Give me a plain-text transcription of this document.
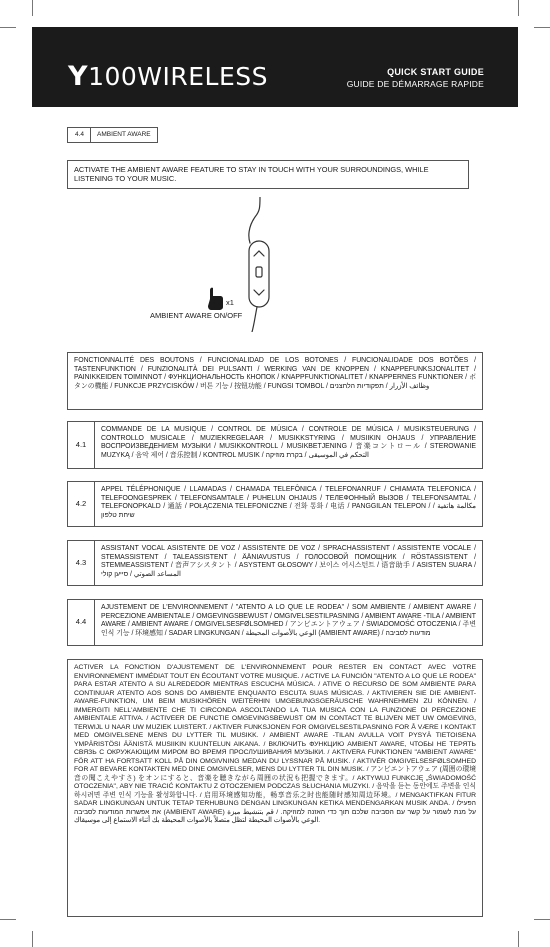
Y100WIRELESS	QUICK START GUIDE
GUIDE DE DÉMARRAGE RAPIDE
4.4	AMBIENT AWARE
ACTIVATE THE AMBIENT AWARE FEATURE TO STAY IN TOUCH WITH YOUR SURROUNDINGS, WHILE LISTENING TO YOUR MUSIC.
x1
AMBIENT AWARE ON/OFF
FONCTIONNALITÉ DES BOUTONS / FUNCIONALIDAD DE LOS BOTONES / FUNCIONALIDADE DOS BOTÕES / TASTENFUNKTION / FUNZIONALITÀ DEI PULSANTI / WERKING VAN DE KNOPPEN / KNAPPEFUNKSJONALITET / PAINIKKEIDEN TOIMINNOT / ФУНКЦИОНАЛЬНОСТЬ КНОПОК / KNAPPFUNKTIONALITET / KNAPPERNES FUNKTIONER / ボタンの機能 / FUNKCJE PRZYCISKÓW / 버튼 기능 / 按钮功能 / FUNGSI TOMBOL / وظائف الأزرار / תפקודיות הלחצנים
4.1
COMMANDE DE LA MUSIQUE / CONTROL DE MÚSICA / CONTROLE DE MÚSICA / MUSIKSTEUERUNG / CONTROLLO MUSICALE / MUZIEKREGELAAR / MUSIKKSTYRING / MUSIIKIN OHJAUS / УПРАВЛЕНИЕ ВОСПРОИЗВЕДЕНИЕМ МУЗЫКИ / MUSIKKONTROLL / MUSIKBETJENING / 音楽コントロール / STEROWANIE MUZYKĄ / 음악 제어 / 音乐控制 / KONTROL MUSIK / التحكم في الموسيقى / בקרת מוזיקה
4.2
APPEL TÉLÉPHONIQUE / LLAMADAS / CHAMADA TELEFÔNICA / TELEFONANRUF / CHIAMATA TELEFONICA / TELEFOONGESPREK / TELEFONSAMTALE / PUHELUN OHJAUS / ТЕЛЕФОННЫЙ ВЫЗОВ / TELEFONSAMTAL / TELEFONOPKALD / 通話 / POŁĄCZENIA TELEFONICZNE / 전화 통화 / 电话 / PANGGILAN TELEPON / مكالمة هاتفية / שיחת טלפון
4.3
ASSISTANT VOCAL ASISTENTE DE VOZ / ASSISTENTE DE VOZ / SPRACHASSISTENT / ASSISTENTE VOCALE / STEMASSISTENT / TALEASSISTENT / ÄÄNIAVUSTUS / ГОЛОСОВОЙ ПОМОЩНИК / RÖSTASSISTENT / STEMMEASSISTENT / 音声アシスタント / ASYSTENT GŁOSOWY / 보이스 어시스턴트 / 语音助手 / ASISTEN SUARA / المساعد الصوتي / סייען קולי
4.4
AJUSTEMENT DE L'ENVIRONNEMENT / "ATENTO A LO QUE LE RODEA" / SOM AMBIENTE / AMBIENT AWARE / PERCEZIONE AMBIENTALE / OMGEVINGSBEWUST / OMGIVELSESTILPASNING / AMBIENT AWARE -TILA / AMBIENT AWARE / AMBIENT AWARE / OMGIVELSESFØLSOMHED / アンビエントアウェア / ŚWIADOMOŚĆ OTOCZENIA / 주변 인식 기능 / 环境感知 / SADAR LINGKUNGAN / الوعي بالأصوات المحيطة (AMBIENT AWARE) / מודעות לסביבה
ACTIVER LA FONCTION D'AJUSTEMENT DE L'ENVIRONNEMENT POUR RESTER EN CONTACT AVEC VOTRE ENVIRONNEMENT IMMÉDIAT TOUT EN ÉCOUTANT VOTRE MUSIQUE. / ACTIVE LA FUNCIÓN "ATENTO A LO QUE LE RODEA" PARA ESTAR ATENTO A SU ALREDEDOR MIENTRAS ESCUCHA MÚSICA. / ATIVE O RECURSO DE SOM AMBIENTE PARA CONTINUAR ATENTO AOS SONS DO AMBIENTE ENQUANTO ESCUTA SUAS MÚSICAS. / AKTIVIEREN SIE DIE AMBIENT-AWARE-FUNKTION, UM BEIM MUSIKHÖREN WEITERHIN UMGEBUNGSGERÄUSCHE WAHRNEHMEN ZU KÖNNEN. / IMMERGITI NELL'AMBIENTE CHE TI CIRCONDA ASCOLTANDO LA TUA MUSICA CON LA FUNZIONE DI PERCEZIONE AMBIENTALE ATTIVA. / ACTIVEER DE FUNCTIE OMGEVINGSBEWUST OM IN CONTACT TE BLIJVEN MET UW OMGEVING, TERWIJL U NAAR UW MUZIEK LUISTERT. / AKTIVER FUNKSJONEN FOR OMGIVELSESTILPASNING FOR Å VÆRE I KONTAKT MED OMGIVELSENE MENS DU LYTTER TIL MUSIKK. / AMBIENT AWARE -TILAN AVULLA VOIT PYSYÄ TIETOISENA YMPÄRISTÖSI ÄÄNISTÄ MUSIIKIN KUUNTELUN AIKANA. / ВКЛЮЧИТЬ ФУНКЦИЮ AMBIENT AWARE, ЧТОБЫ НЕ ТЕРЯТЬ СВЯЗЬ С ОКРУЖАЮЩИМ МИРОМ ВО ВРЕМЯ ПРОСЛУШИВАНИЯ МУЗЫКИ. / AKTIVERA FUNKTIONEN "AMBIENT AWARE" FÖR ATT HA FORTSATT KOLL PÅ DIN OMGIVNING MEDAN DU LYSSNAR PÅ MUSIK. / AKTIVÉR OMGIVELSESFØLSOMHED FOR AT BEVARE KONTAKTEN MED DINE OMGIVELSER, MENS DU LYTTER TIL DIN MUSIK. / アンビエントアウェア (周囲の環境音の聞こえやすさ) をオンにすると、音楽を聴きながら周囲の状況も把握できます。/ AKTYWUJ FUNKCJĘ „ŚWIADOMOŚĆ OTOCZENIA", ABY NIE TRACIĆ KONTAKTU Z OTOCZENIEM PODCZAS SŁUCHANIA MUZYKI. / 음악을 듣는 동안에도 주변을 인식하시려면 주변 인식 기능을 활성화합니다. / 启用环境感知功能，畅享音乐之时也能随时感知周边环境。/ MENGAKTIFKAN FITUR SADAR LINGKUNGAN UNTUK TETAP TERHUBUNG DENGAN LINGKUNGAN KETIKA MENDENGARKAN MUSIK ANDA. / הפעילו את אפשרות המודעות לסביבה (AMBIENT AWARE) על מנת לשמור על קשר עם הסביבה שלכם תוך כדי האזנה למוזיקה. / قم بتنشيط ميزة الوعي بالأصوات المحيطة لتظل متصلاً بالأصوات المحيطة بك أثناء الاستماع إلى موسيقاك.
